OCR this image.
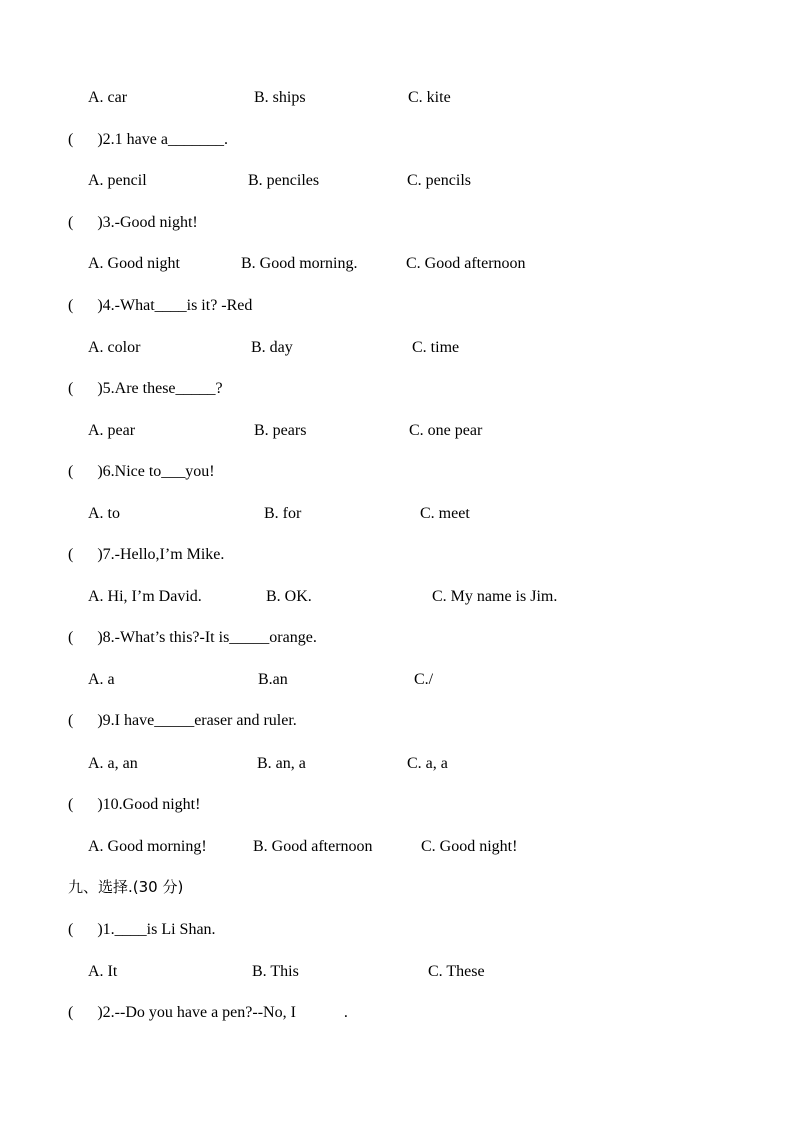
A. car	B. ships	C. kite
(      )2.1 have a_______.
A. pencil	B. penciles	C. pencils
(      )3.-Good night!
A. Good night	B. Good morning.	C. Good afternoon
(      )4.-What____is it? -Red
A. color	B. day	C. time
(      )5.Are these_____?
A. pear	B. pears	C. one pear
(      )6.Nice to___you!
A. to	B. for	C. meet
(      )7.-Hello,I’m Mike.
A. Hi, I’m David.	B. OK.	C. My name is Jim.
(      )8.-What’s this?-It is_____orange.
A. a	B.an	C./
(      )9.I have_____eraser and ruler.
A. a, an	B. an, a	C. a, a
(      )10.Good night!
A. Good morning!	B. Good afternoon	C. Good night!
九、选择.(30 分)
(      )1.____is Li Shan.
A. It	B. This	C. These
(      )2.--Do you have a pen?--No, I            .
